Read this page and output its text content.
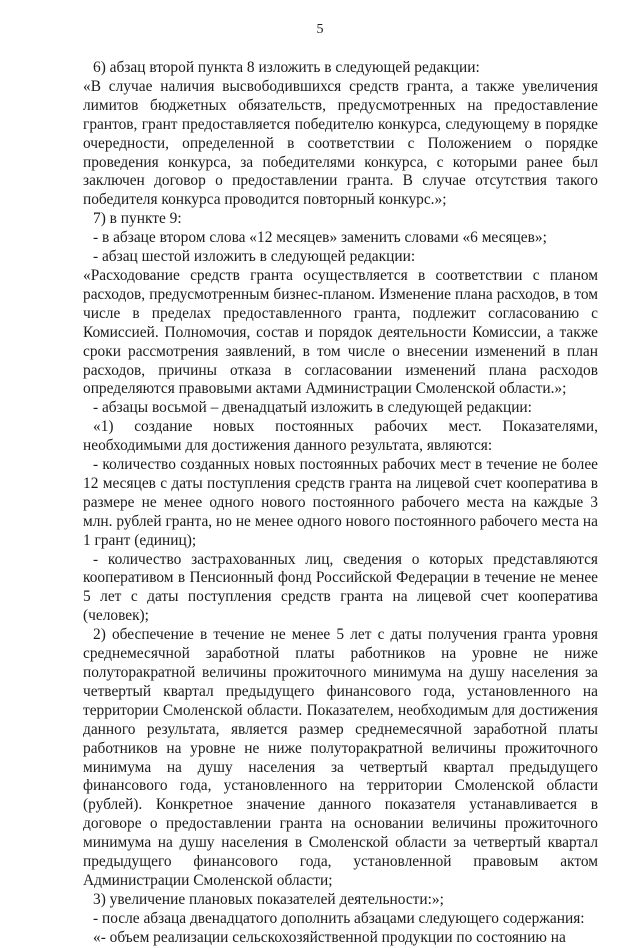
5

6) абзац второй пункта 8 изложить в следующей редакции:

«В случае наличия высвободившихся средств гранта, а также увеличения лимитов бюджетных обязательств, предусмотренных на предоставление грантов, грант предоставляется победителю конкурса, следующему в порядке очередности, определенной в соответствии с Положением о порядке проведения конкурса, за победителями конкурса, с которыми ранее был заключен договор о предоставлении гранта. В случае отсутствия такого победителя конкурса проводится повторный конкурс.»;

7) в пункте 9:

- в абзаце втором слова «12 месяцев» заменить словами «6 месяцев»;

- абзац шестой изложить в следующей редакции:

«Расходование средств гранта осуществляется в соответствии с планом расходов, предусмотренным бизнес-планом. Изменение плана расходов, в том числе в пределах предоставленного гранта, подлежит согласованию с Комиссией. Полномочия, состав и порядок деятельности Комиссии, а также сроки рассмотрения заявлений, в том числе о внесении изменений в план расходов, причины отказа в согласовании изменений плана расходов определяются правовыми актами Администрации Смоленской области.»;

- абзацы восьмой – двенадцатый изложить в следующей редакции:

«1) создание новых постоянных рабочих мест. Показателями, необходимыми для достижения данного результата, являются:

- количество созданных новых постоянных рабочих мест в течение не более 12 месяцев с даты поступления средств гранта на лицевой счет кооператива в размере не менее одного нового постоянного рабочего места на каждые 3 млн. рублей гранта, но не менее одного нового постоянного рабочего места на 1 грант (единиц);

- количество застрахованных лиц, сведения о которых представляются кооперативом в Пенсионный фонд Российской Федерации в течение не менее 5 лет с даты поступления средств гранта на лицевой счет кооператива (человек);

2) обеспечение в течение не менее 5 лет с даты получения гранта уровня среднемесячной заработной платы работников на уровне не ниже полуторакратной величины прожиточного минимума на душу населения за четвертый квартал предыдущего финансового года, установленного на территории Смоленской области. Показателем, необходимым для достижения данного результата, является размер среднемесячной заработной платы работников на уровне не ниже полуторакратной величины прожиточного минимума на душу населения за четвертый квартал предыдущего финансового года, установленного на территории Смоленской области (рублей). Конкретное значение данного показателя устанавливается в договоре о предоставлении гранта на основании величины прожиточного минимума на душу населения в Смоленской области за четвертый квартал предыдущего финансового года, установленной правовым актом Администрации Смоленской области;

3) увеличение плановых показателей деятельности:»;

- после абзаца двенадцатого дополнить абзацами следующего содержания:

«- объем реализации сельскохозяйственной продукции по состоянию на
